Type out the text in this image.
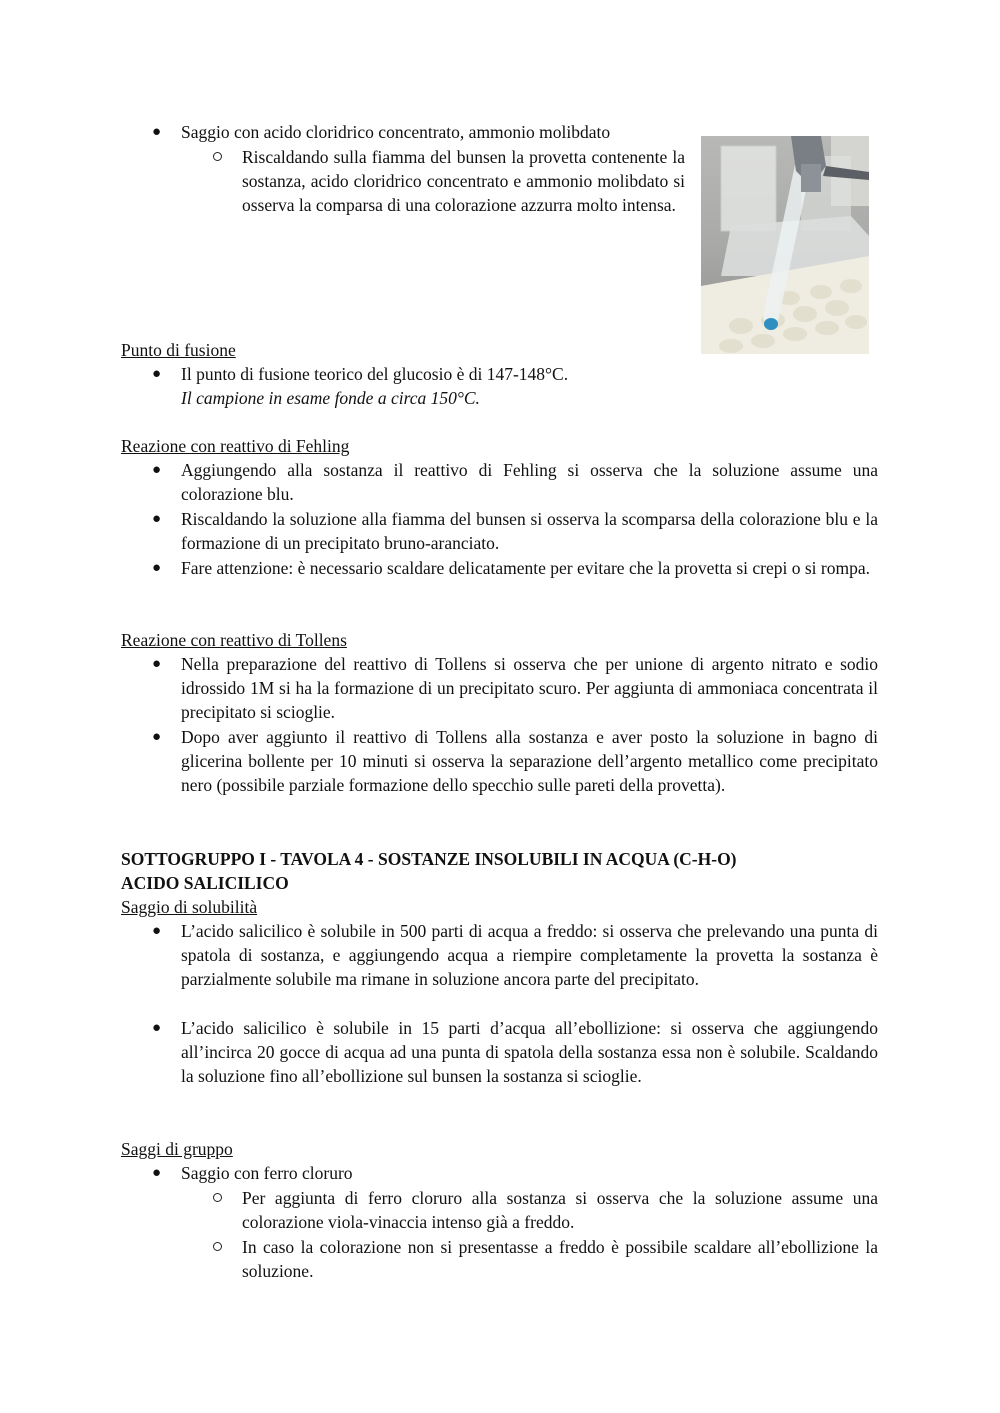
● Saggio con acido cloridrico concentrato, ammonio molibdato

Riscaldando sulla fiamma del bunsen la provetta contenente la sostanza, acido cloridrico concentrato e ammonio molibdato si osserva la comparsa di una colorazione azzurra molto intensa.

Punto di fusione

● Il punto di fusione teorico del glucosio è di 147-148°C.

Il campione in esame fonde a circa 150°C.

Reazione con reattivo di Fehling

● Aggiungendo alla sostanza il reattivo di Fehling si osserva che la soluzione assume una colorazione blu.

● Riscaldando la soluzione alla fiamma del bunsen si osserva la scomparsa della colorazione blu e la formazione di un precipitato bruno-aranciato.

● Fare attenzione: è necessario scaldare delicatamente per evitare che la provetta si crepi o si rompa.

Reazione con reattivo di Tollens

● Nella preparazione del reattivo di Tollens si osserva che per unione di argento nitrato e sodio idrossido 1M si ha la formazione di un precipitato scuro. Per aggiunta di ammoniaca concentrata il precipitato si scioglie.

● Dopo aver aggiunto il reattivo di Tollens alla sostanza e aver posto la soluzione in bagno di glicerina bollente per 10 minuti si osserva la separazione dell’argento metallico come precipitato nero (possibile parziale formazione dello specchio sulle pareti della provetta).

SOTTOGRUPPO I - TAVOLA 4 - SOSTANZE INSOLUBILI IN ACQUA (C-H-O)

ACIDO SALICILICO

Saggio di solubilità

● L’acido salicilico è solubile in 500 parti di acqua a freddo: si osserva che prelevando una punta di spatola di sostanza, e aggiungendo acqua a riempire completamente la provetta la sostanza è parzialmente solubile ma rimane in soluzione ancora parte del precipitato.

● L’acido salicilico è solubile in 15 parti d’acqua all’ebollizione: si osserva che aggiungendo all’incirca 20 gocce di acqua ad una punta di spatola della sostanza essa non è solubile. Scaldando la soluzione fino all’ebollizione sul bunsen la sostanza si scioglie.

Saggi di gruppo

● Saggio con ferro cloruro

Per aggiunta di ferro cloruro alla sostanza si osserva che la soluzione assume una colorazione viola-vinaccia intenso già a freddo.

In caso la colorazione non si presentasse a freddo è possibile scaldare all’ebollizione la soluzione.
